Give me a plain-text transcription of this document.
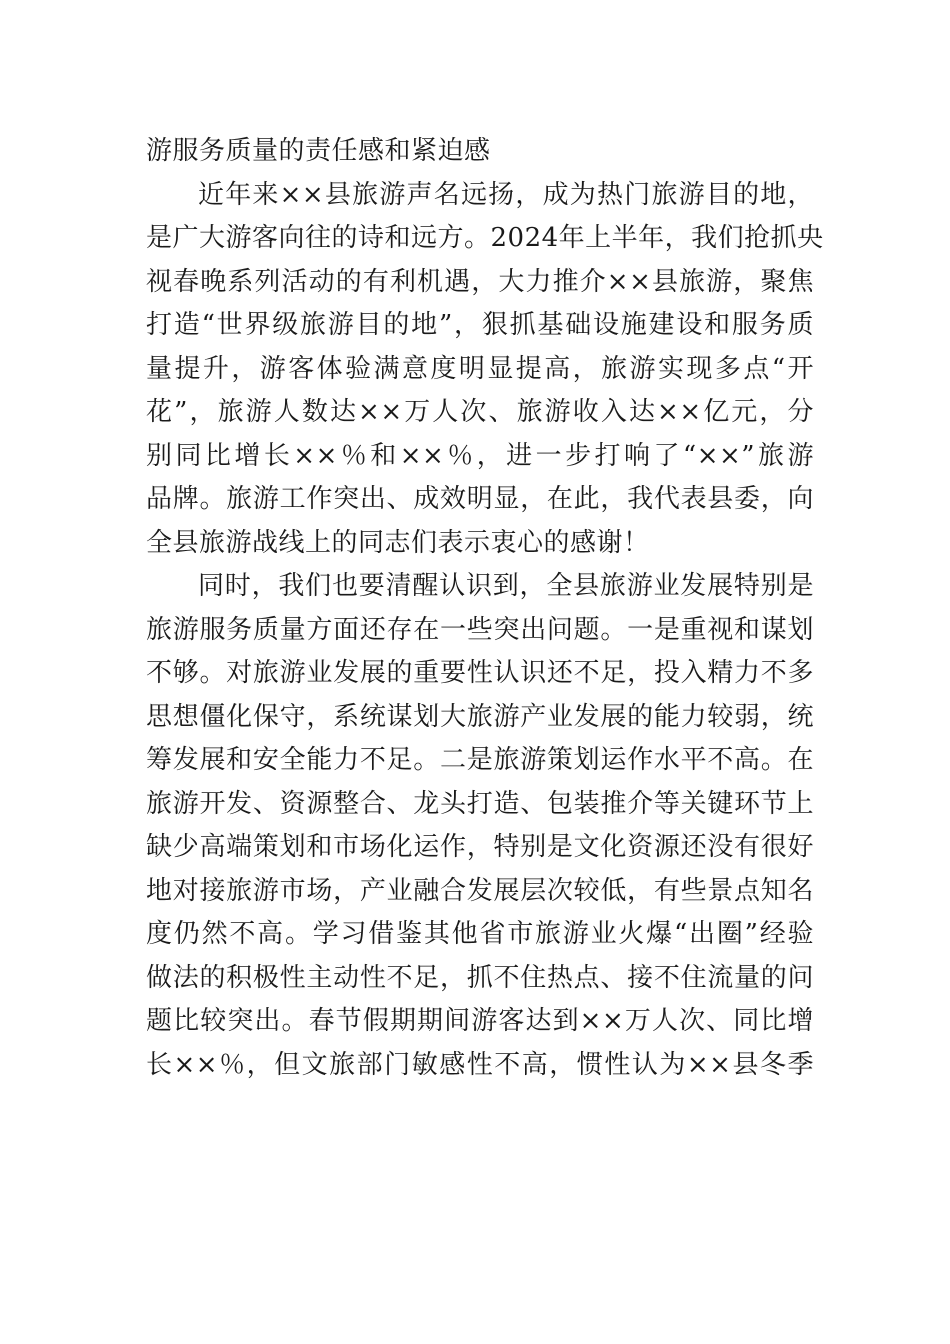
游服务质量的责任感和紧迫感
近年来××县旅游声名远扬，成为热门旅游目的地，
是广大游客向往的诗和远方。2024年上半年，我们抢抓央
视春晚系列活动的有利机遇，大力推介××县旅游，聚焦
打造“世界级旅游目的地”，狠抓基础设施建设和服务质
量提升，游客体验满意度明显提高，旅游实现多点“开
花”，旅游人数达××万人次、旅游收入达××亿元，分
别同比增长××％和××％，进一步打响了“××”旅游
品牌。旅游工作突出、成效明显，在此，我代表县委，向
全县旅游战线上的同志们表示衷心的感谢！
同时，我们也要清醒认识到，全县旅游业发展特别是
旅游服务质量方面还存在一些突出问题。一是重视和谋划
不够。对旅游业发展的重要性认识还不足，投入精力不多
思想僵化保守，系统谋划大旅游产业发展的能力较弱，统
筹发展和安全能力不足。二是旅游策划运作水平不高。在
旅游开发、资源整合、龙头打造、包装推介等关键环节上
缺少高端策划和市场化运作，特别是文化资源还没有很好
地对接旅游市场，产业融合发展层次较低，有些景点知名
度仍然不高。学习借鉴其他省市旅游业火爆“出圈”经验
做法的积极性主动性不足，抓不住热点、接不住流量的问
题比较突出。春节假期期间游客达到××万人次、同比增
长××％，但文旅部门敏感性不高，惯性认为××县冬季
